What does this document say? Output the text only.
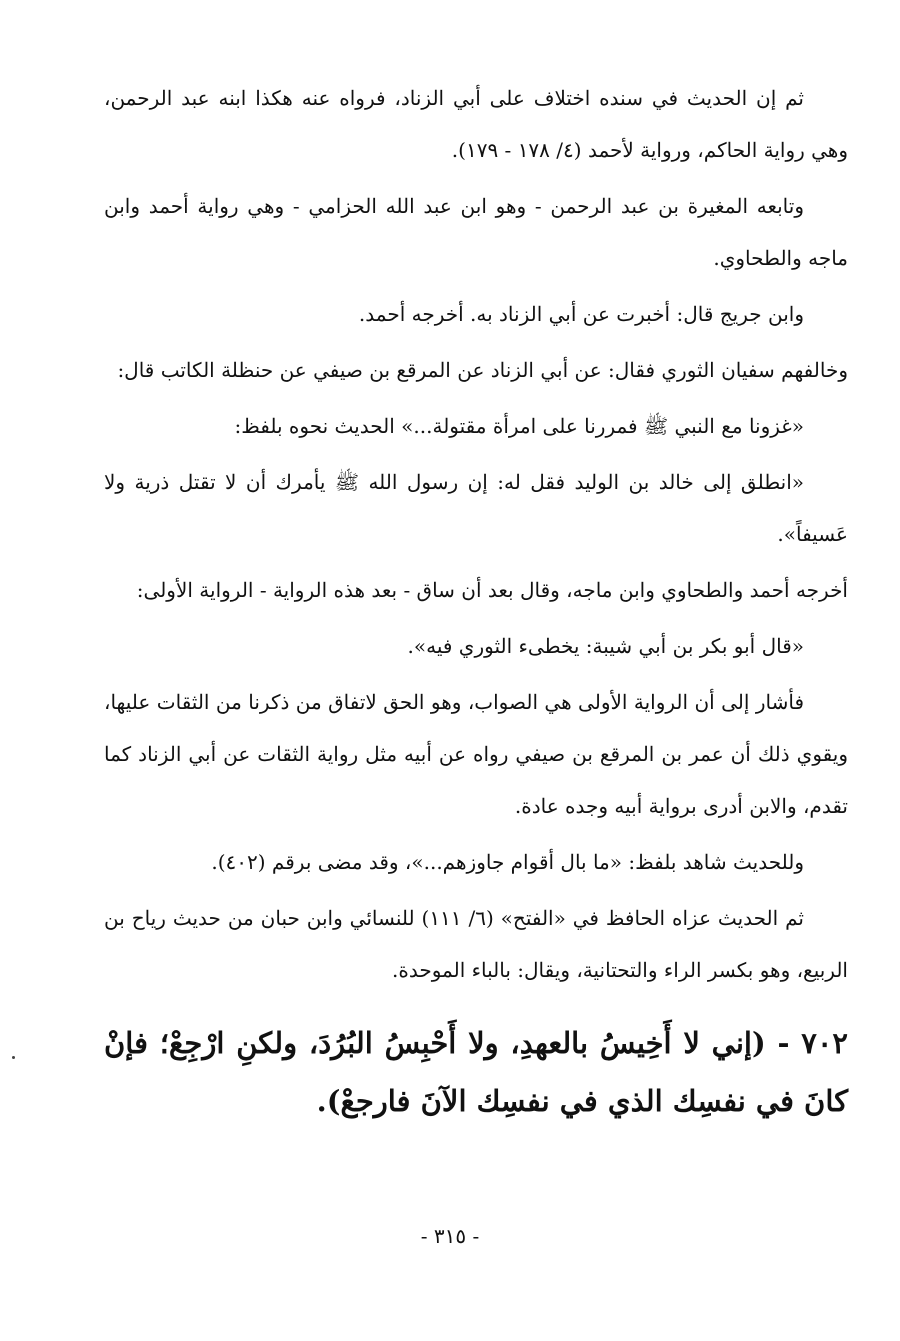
ثم إن الحديث في سنده اختلاف على أبي الزناد، فرواه عنه هكذا ابنه عبد الرحمن، وهي رواية الحاكم، ورواية لأحمد (٤/ ١٧٨ - ١٧٩).

وتابعه المغيرة بن عبد الرحمن - وهو ابن عبد الله الحزامي - وهي رواية أحمد وابن ماجه والطحاوي.

وابن جريج قال: أخبرت عن أبي الزناد به. أخرجه أحمد.

وخالفهم سفيان الثوري فقال: عن أبي الزناد عن المرقع بن صيفي عن حنظلة الكاتب قال:

«غزونا مع النبي ﷺ فمررنا على امرأة مقتولة...» الحديث نحوه بلفظ:

«انطلق إلى خالد بن الوليد فقل له: إن رسول الله ﷺ يأمرك أن لا تقتل ذرية ولا عَسيفاً».

أخرجه أحمد والطحاوي وابن ماجه، وقال بعد أن ساق - بعد هذه الرواية - الرواية الأولى:

«قال أبو بكر بن أبي شيبة: يخطىء الثوري فيه».

فأشار إلى أن الرواية الأولى هي الصواب، وهو الحق لاتفاق من ذكرنا من الثقات عليها، ويقوي ذلك أن عمر بن المرقع بن صيفي رواه عن أبيه مثل رواية الثقات عن أبي الزناد كما تقدم، والابن أدرى برواية أبيه وجده عادة.

وللحديث شاهد بلفظ: «ما بال أقوام جاوزهم...»، وقد مضى برقم (٤٠٢).

ثم الحديث عزاه الحافظ في «الفتح» (٦/ ١١١) للنسائي وابن حبان من حديث رياح بن الربيع، وهو بكسر الراء والتحتانية، ويقال: بالباء الموحدة.

٧٠٢ - (إني لا أَخِيسُ بالعهدِ، ولا أَحْبِسُ البُرُدَ، ولكنِ ارْجِعْ؛ فإنْ كانَ في نفسِك الذي في نفسِك الآنَ فارجعْ).

- ٣١٥ -
